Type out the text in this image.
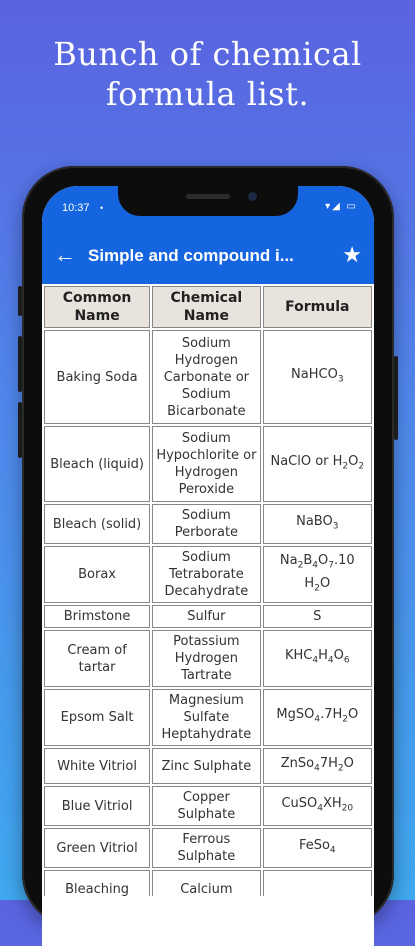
Bunch of chemical
formula list.
10:37 •	▾◢ ▭
← Simple and compound i...	★
Common Name	Chemical Name	Formula
Baking Soda	Sodium Hydrogen Carbonate or Sodium Bicarbonate	NaHCO$_3$
Bleach (liquid)	Sodium Hypochlorite or Hydrogen Peroxide	NaClO or $H_2O_2$
Bleach (solid)	Sodium Perborate	NaBO$_3$
Borax	Sodium Tetraborate Decahydrate	$Na_2B_4O_7.10$ $H_2O$
Brimstone	Sulfur	S
Cream of tartar	Potassium Hydrogen Tartrate	$KHC_4H_4O_6$
Epsom Salt	Magnesium Sulfate Heptahydrate	$MgSO_4.7H_2O$
White Vitriol	Zinc Sulphate	$ZnSo_47H_2O$
Blue Vitriol	Copper Sulphate	$CuSO_4XH_{20}$
Green Vitriol	Ferrous Sulphate	FeSo$_4$
Bleaching	Calcium	
